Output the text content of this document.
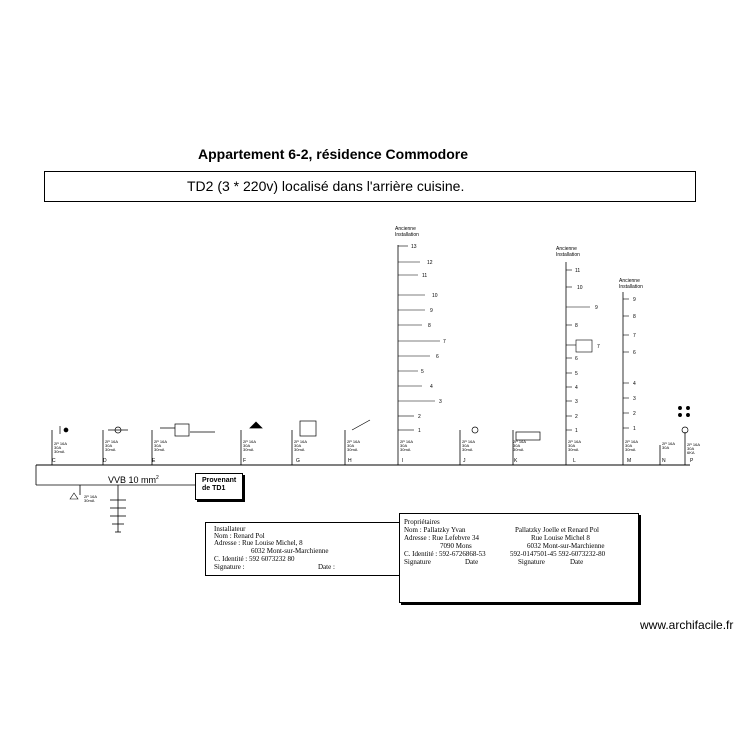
Appartement 6-2, résidence Commodore
TD2 (3 * 220v) localisé dans l'arrière cuisine.
C	D	E	F	G	H	I	J	K	L	M	N	P
2P 16A
30A
30mA
2P 16A
30A
30mA
2P 16A
30A
30mA
2P 16A
30A
30mA
2P 16A
30A
30mA
2P 16A
30A
30mA
2P 16A
30A
30mA
2P 16A
30A
30mA
2P 16A
30A
30mA
2P 16A
30A
30mA
2P 16A
30A
30mA
2P 16A
30A
2P 16A
30A
6KA
2P 16A
30mA
Ancienne
Installation
Ancienne
Installation
Ancienne
Installation
13
12
11
10
9
8
7
6
5
4
3
2
1
11
10
9
8
7
6
5
4
3
2
1
9
8
7
6
4
3
2
1
VVB 10 $mm^2$	Provenant
de TD1
Installateur
Nom : Renard Pol
Adresse : Rue Louise Michel, 8
6032 Mont-sur-Marchienne
C. Identité : 592 6073232 80
Signature :	Date :
Propriétaires
Nom : Pallatzky Yvan
Adresse : Rue Lefebvre 34
7090 Mons
C. Identité : 592-6726868-53
Signature	Date
Pallatzky Joelle et Renard Pol
Rue Louise Michel 8
6032 Mont-sur-Marchienne
592-0147501-45 592-6073232-80
Signature	Date
www.archifacile.fr
